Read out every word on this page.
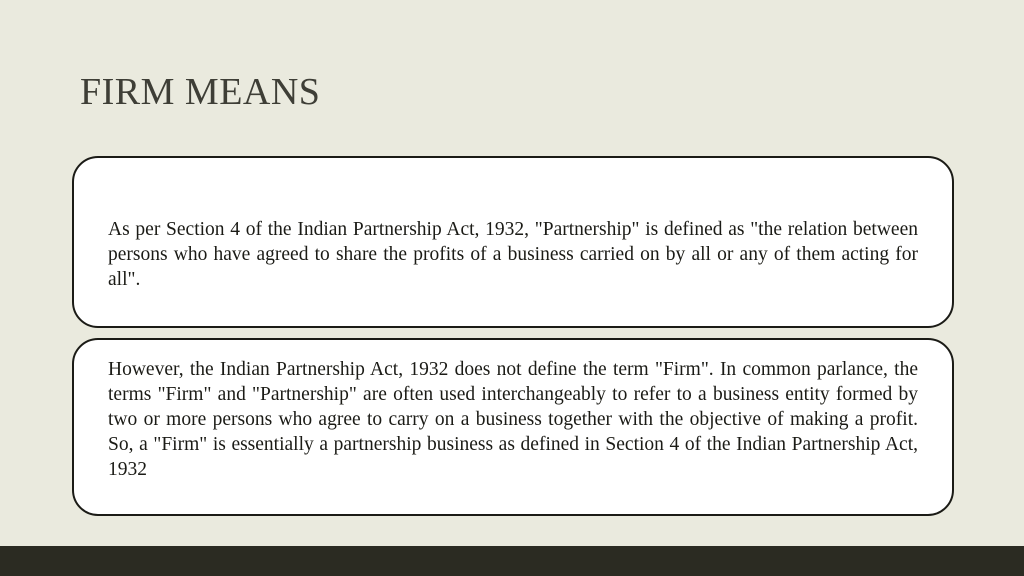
FIRM MEANS
As per Section 4 of the Indian Partnership Act, 1932, "Partnership" is defined as "the relation between persons who have agreed to share the profits of a business carried on by all or any of them acting for all".
However, the Indian Partnership Act, 1932 does not define the term "Firm". In common parlance, the terms "Firm" and "Partnership" are often used interchangeably to refer to a business entity formed by two or more persons who agree to carry on a business together with the objective of making a profit. So, a "Firm" is essentially a partnership business as defined in Section 4 of the Indian Partnership Act, 1932
